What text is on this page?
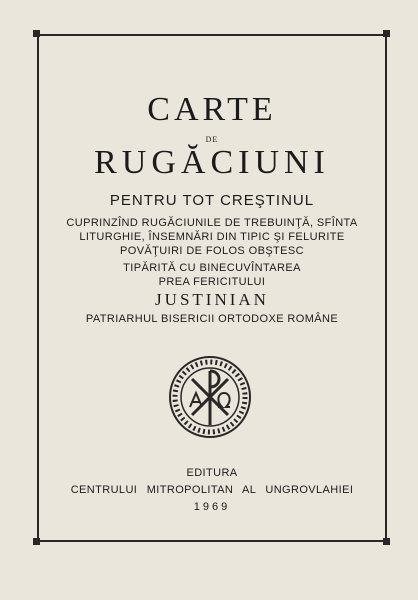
CARTE
DE
RUGĂCIUNI
PENTRU TOT CREŞTINUL
CUPRINZÎND RUGĂCIUNILE DE TREBUINŢĂ, SFÎNTA
LITURGHIE, ÎNSEMNĂRI DIN TIPIC ŞI FELURITE
POVĂŢUIRI DE FOLOS OBŞTESC
TIPĂRITĂ CU BINECUVÎNTAREA
PREA FERICITULUI
JUSTINIAN
PATRIARHUL BISERICII ORTODOXE ROMÂNE
EDITURA
CENTRULUI MITROPOLITAN AL UNGROVLAHIEI
1969
